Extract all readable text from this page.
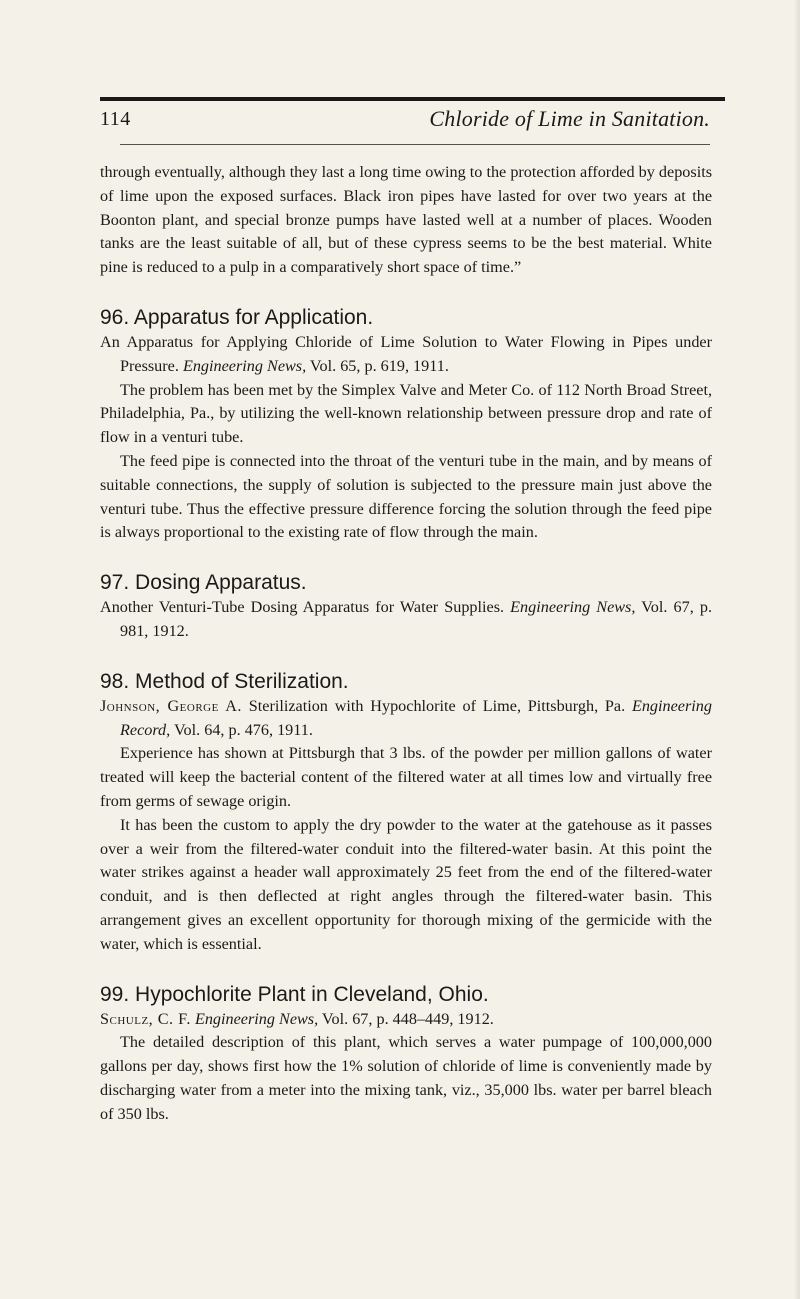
114	Chloride of Lime in Sanitation.

through eventually, although they last a long time owing to the protection afforded by deposits of lime upon the exposed surfaces. Black iron pipes have lasted for over two years at the Boonton plant, and special bronze pumps have lasted well at a number of places. Wooden tanks are the least suitable of all, but of these cypress seems to be the best material. White pine is reduced to a pulp in a comparatively short space of time.”

96. Apparatus for Application.

An Apparatus for Applying Chloride of Lime Solution to Water Flowing in Pipes under Pressure. Engineering News, Vol. 65, p. 619, 1911.

The problem has been met by the Simplex Valve and Meter Co. of 112 North Broad Street, Philadelphia, Pa., by utilizing the well-known relationship between pressure drop and rate of flow in a venturi tube.

The feed pipe is connected into the throat of the venturi tube in the main, and by means of suitable connections, the supply of solution is subjected to the pressure main just above the venturi tube. Thus the effective pressure difference forcing the solution through the feed pipe is always proportional to the existing rate of flow through the main.

97. Dosing Apparatus.

Another Venturi-Tube Dosing Apparatus for Water Supplies. Engineering News, Vol. 67, p. 981, 1912.

98. Method of Sterilization.

Johnson, George A. Sterilization with Hypochlorite of Lime, Pittsburgh, Pa. Engineering Record, Vol. 64, p. 476, 1911.

Experience has shown at Pittsburgh that 3 lbs. of the powder per million gallons of water treated will keep the bacterial content of the filtered water at all times low and virtually free from germs of sewage origin.

It has been the custom to apply the dry powder to the water at the gatehouse as it passes over a weir from the filtered-water conduit into the filtered-water basin. At this point the water strikes against a header wall approximately 25 feet from the end of the filtered-water conduit, and is then deflected at right angles through the filtered-water basin. This arrangement gives an excellent opportunity for thorough mixing of the germicide with the water, which is essential.

99. Hypochlorite Plant in Cleveland, Ohio.

Schulz, C. F. Engineering News, Vol. 67, p. 448–449, 1912.

The detailed description of this plant, which serves a water pumpage of 100,000,000 gallons per day, shows first how the 1% solution of chloride of lime is conveniently made by discharging water from a meter into the mixing tank, viz., 35,000 lbs. water per barrel bleach of 350 lbs.
